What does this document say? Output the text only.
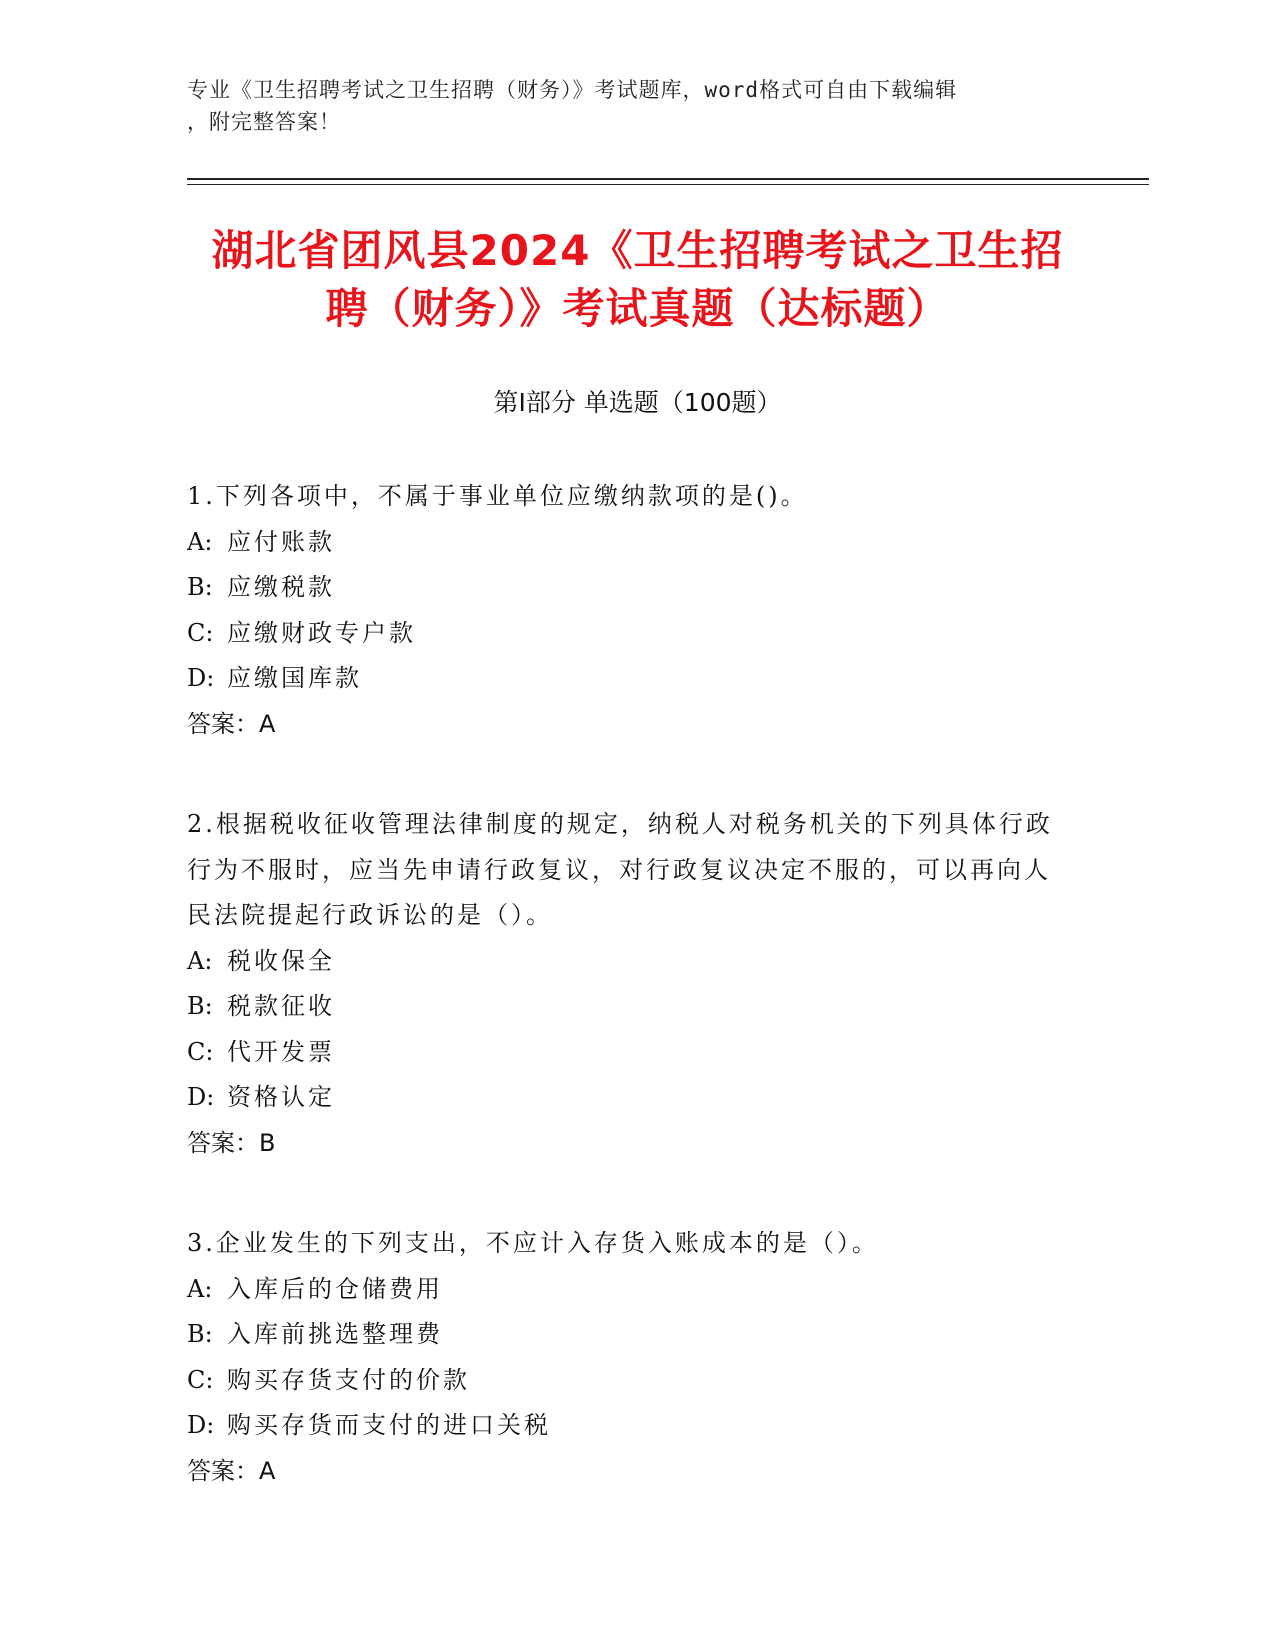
专业《卫生招聘考试之卫生招聘（财务）》考试题库，word格式可自由下载编辑
，附完整答案！
湖北省团风县2024《卫生招聘考试之卫生招
聘（财务）》考试真题（达标题）
第Ⅰ部分 单选题（100题）

1.下列各项中，不属于事业单位应缴纳款项的是()。

A: 应付账款

B: 应缴税款

C: 应缴财政专户款

D: 应缴国库款

答案：A

2.根据税收征收管理法律制度的规定，纳税人对税务机关的下列具体行政行为不服时，应当先申请行政复议，对行政复议决定不服的，可以再向人民法院提起行政诉讼的是（）。

A: 税收保全

B: 税款征收

C: 代开发票

D: 资格认定

答案：B

3.企业发生的下列支出，不应计入存货入账成本的是（）。

A: 入库后的仓储费用

B: 入库前挑选整理费

C: 购买存货支付的价款

D: 购买存货而支付的进口关税

答案：A
